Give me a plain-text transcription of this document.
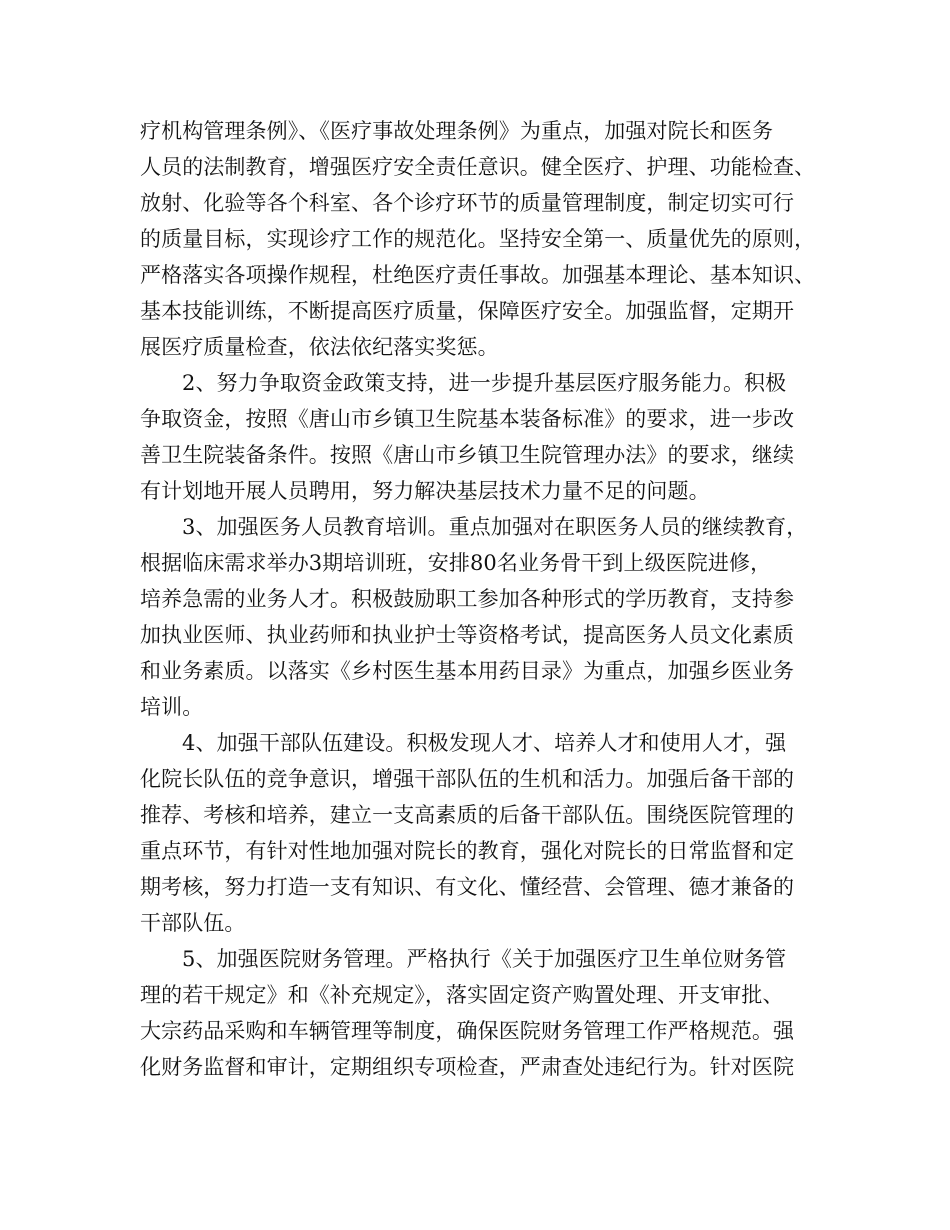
疗机构管理条例》、《医疗事故处理条例》为重点，加强对院长和医务
人员的法制教育，增强医疗安全责任意识。健全医疗、护理、功能检查、
放射、化验等各个科室、各个诊疗环节的质量管理制度，制定切实可行
的质量目标，实现诊疗工作的规范化。坚持安全第一、质量优先的原则，
严格落实各项操作规程，杜绝医疗责任事故。加强基本理论、基本知识、
基本技能训练，不断提高医疗质量，保障医疗安全。加强监督，定期开
展医疗质量检查，依法依纪落实奖惩。
2、努力争取资金政策支持，进一步提升基层医疗服务能力。积极
争取资金，按照《唐山市乡镇卫生院基本装备标准》的要求，进一步改
善卫生院装备条件。按照《唐山市乡镇卫生院管理办法》的要求，继续
有计划地开展人员聘用，努力解决基层技术力量不足的问题。
3、加强医务人员教育培训。重点加强对在职医务人员的继续教育，
根据临床需求举办3期培训班，安排80名业务骨干到上级医院进修，
培养急需的业务人才。积极鼓励职工参加各种形式的学历教育，支持参
加执业医师、执业药师和执业护士等资格考试，提高医务人员文化素质
和业务素质。以落实《乡村医生基本用药目录》为重点，加强乡医业务
培训。
4、加强干部队伍建设。积极发现人才、培养人才和使用人才，强
化院长队伍的竞争意识，增强干部队伍的生机和活力。加强后备干部的
推荐、考核和培养，建立一支高素质的后备干部队伍。围绕医院管理的
重点环节，有针对性地加强对院长的教育，强化对院长的日常监督和定
期考核，努力打造一支有知识、有文化、懂经营、会管理、德才兼备的
干部队伍。
5、加强医院财务管理。严格执行《关于加强医疗卫生单位财务管
理的若干规定》和《补充规定》，落实固定资产购置处理、开支审批、
大宗药品采购和车辆管理等制度，确保医院财务管理工作严格规范。强
化财务监督和审计，定期组织专项检查，严肃查处违纪行为。针对医院
